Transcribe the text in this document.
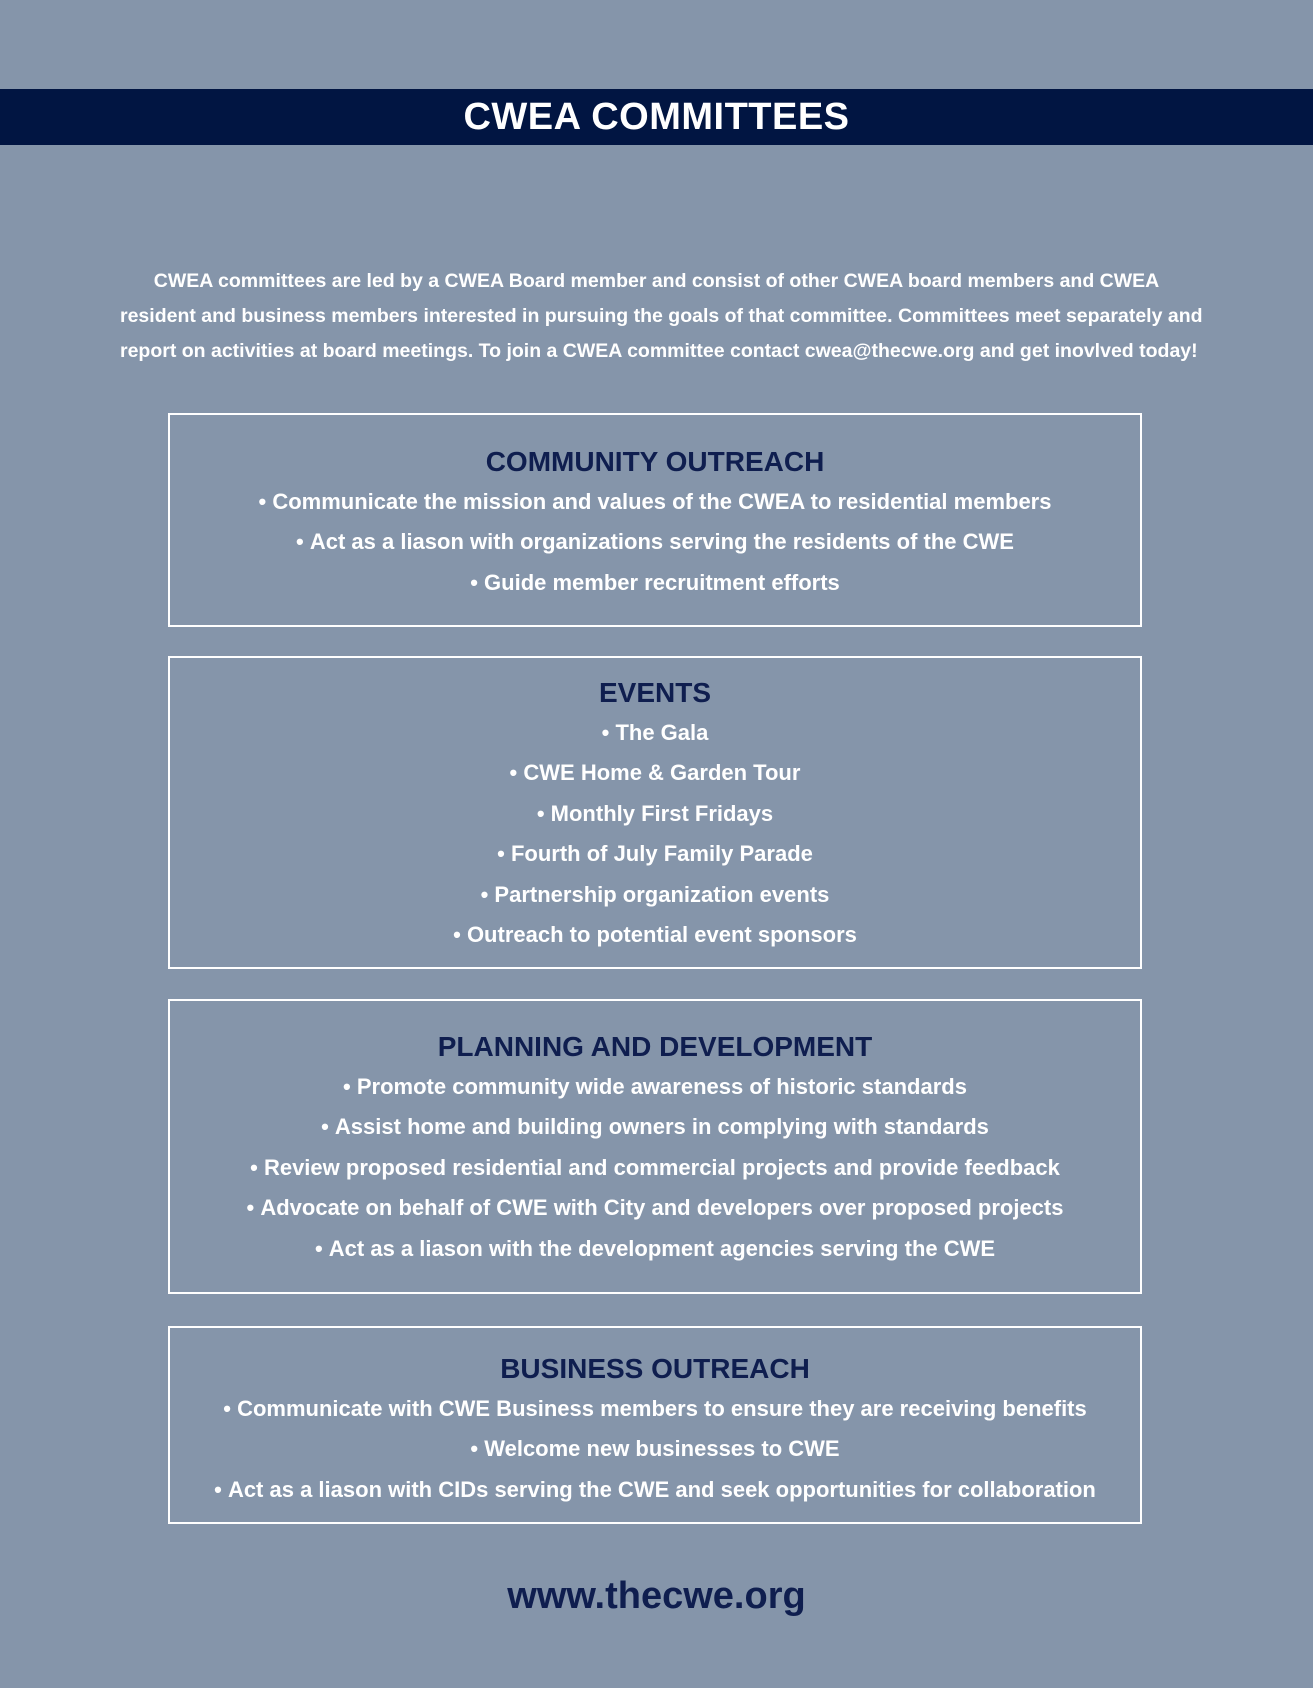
CWEA COMMITTEES
CWEA committees are led by a CWEA Board member and consist of other CWEA board members and CWEA
resident and business members interested in pursuing the goals of that committee. Committees meet separately and
report on activities at board meetings. To join a CWEA committee contact cwea@thecwe.org and get inovlved today!
COMMUNITY OUTREACH
• Communicate the mission and values of the CWEA to residential members
• Act as a liason with organizations serving the residents of the CWE
• Guide member recruitment efforts
EVENTS
• The Gala
• CWE Home & Garden Tour
• Monthly First Fridays
• Fourth of July Family Parade
• Partnership organization events
• Outreach to potential event sponsors
PLANNING AND DEVELOPMENT
• Promote community wide awareness of historic standards
• Assist home and building owners in complying with standards
• Review proposed residential and commercial projects and provide feedback
• Advocate on behalf of CWE with City and developers over proposed projects
• Act as a liason with the development agencies serving the CWE
BUSINESS OUTREACH
• Communicate with CWE Business members to ensure they are receiving benefits
• Welcome new businesses to CWE
• Act as a liason with CIDs serving the CWE and seek opportunities for collaboration
www.thecwe.org
